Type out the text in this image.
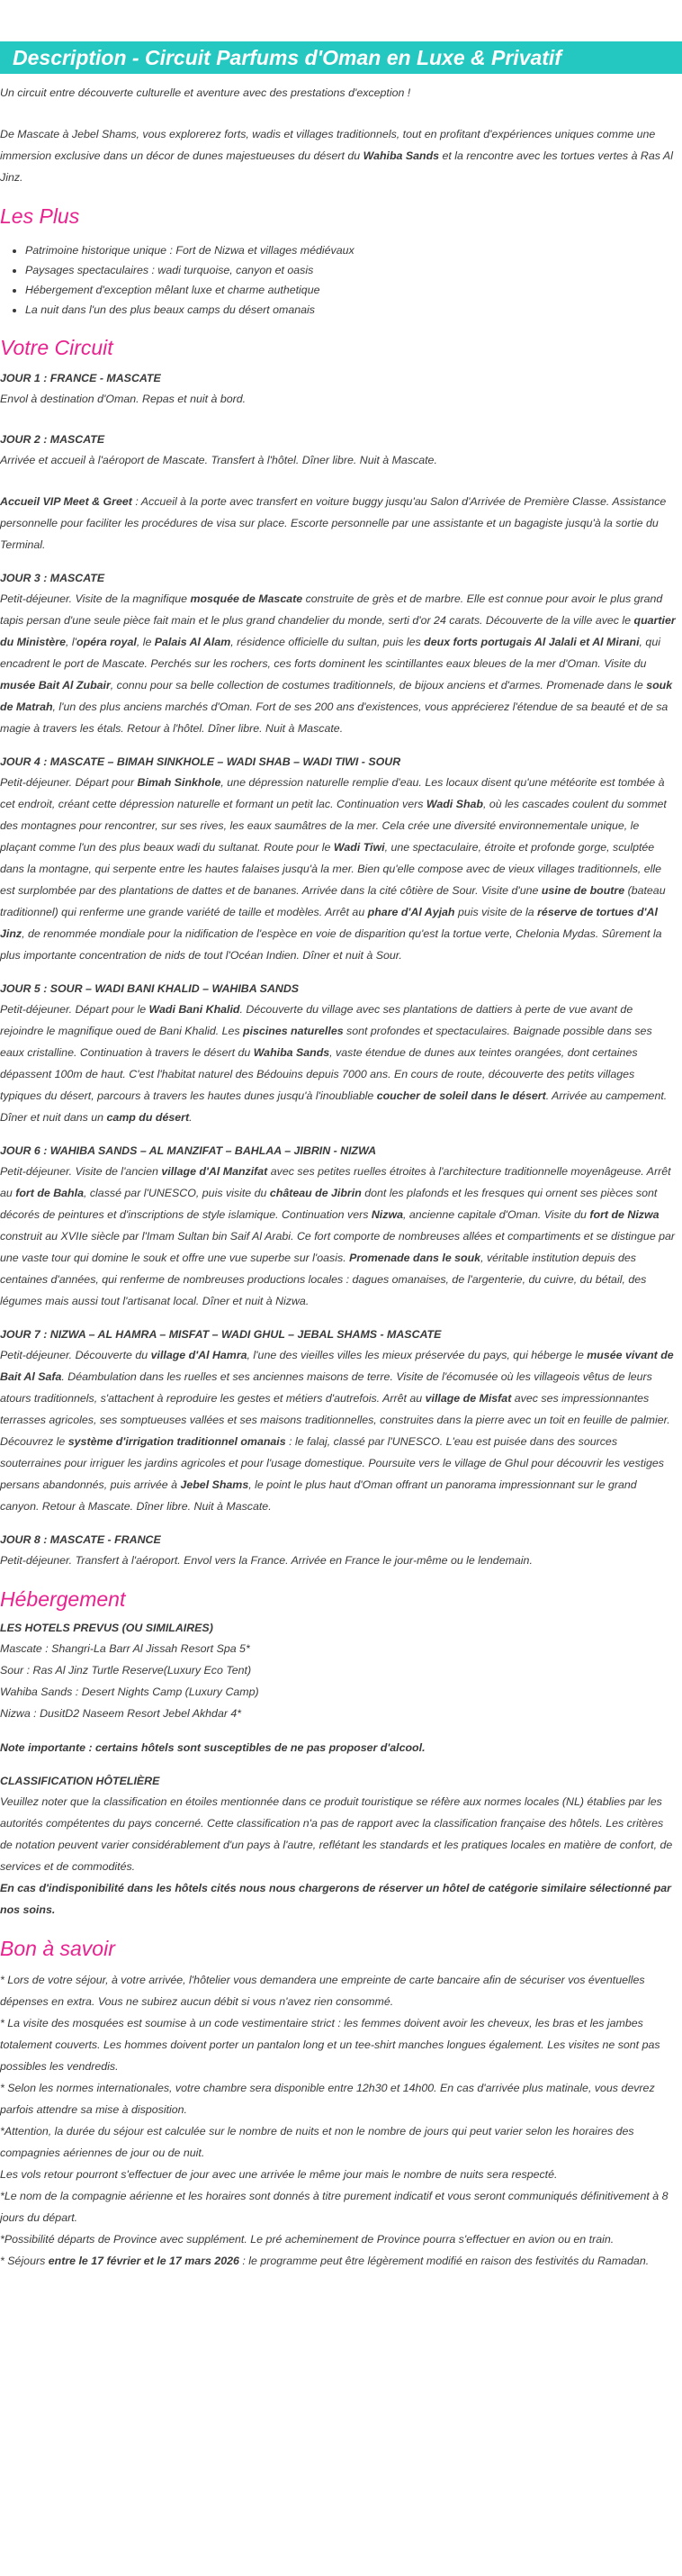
Description - Circuit Parfums d'Oman en Luxe & Privatif

Un circuit entre découverte culturelle et aventure avec des prestations d'exception !

De Mascate à Jebel Shams, vous explorerez forts, wadis et villages traditionnels, tout en profitant d'expériences uniques comme une immersion exclusive dans un décor de dunes majestueuses du désert du Wahiba Sands et la rencontre avec les tortues vertes à Ras Al Jinz.

Les Plus
• Patrimoine historique unique : Fort de Nizwa et villages médiévaux
• Paysages spectaculaires : wadi turquoise, canyon et oasis
• Hébergement d'exception mêlant luxe et charme authetique
• La nuit dans l'un des plus beaux camps du désert omanais
Votre Circuit

JOUR 1 : FRANCE - MASCATE

Envol à destination d'Oman. Repas et nuit à bord.

JOUR 2 : MASCATE

Arrivée et accueil à l'aéroport de Mascate. Transfert à l'hôtel. Dîner libre. Nuit à Mascate.

Accueil VIP Meet & Greet : Accueil à la porte avec transfert en voiture buggy jusqu'au Salon d'Arrivée de Première Classe. Assistance personnelle pour faciliter les procédures de visa sur place. Escorte personnelle par une assistante et un bagagiste jusqu'à la sortie du Terminal.

JOUR 3 : MASCATE

Petit-déjeuner. Visite de la magnifique mosquée de Mascate construite de grès et de marbre. Elle est connue pour avoir le plus grand tapis persan d'une seule pièce fait main et le plus grand chandelier du monde, serti d'or 24 carats. Découverte de la ville avec le quartier du Ministère, l'opéra royal, le Palais Al Alam, résidence officielle du sultan, puis les deux forts portugais Al Jalali et Al Mirani, qui encadrent le port de Mascate. Perchés sur les rochers, ces forts dominent les scintillantes eaux bleues de la mer d'Oman. Visite du musée Bait Al Zubair, connu pour sa belle collection de costumes traditionnels, de bijoux anciens et d'armes. Promenade dans le souk de Matrah, l'un des plus anciens marchés d'Oman. Fort de ses 200 ans d'existences, vous apprécierez l'étendue de sa beauté et de sa magie à travers les étals. Retour à l'hôtel. Dîner libre. Nuit à Mascate.

JOUR 4 : MASCATE – BIMAH SINKHOLE – WADI SHAB – WADI TIWI - SOUR

Petit-déjeuner. Départ pour Bimah Sinkhole, une dépression naturelle remplie d'eau. Les locaux disent qu'une météorite est tombée à cet endroit, créant cette dépression naturelle et formant un petit lac. Continuation vers Wadi Shab, où les cascades coulent du sommet des montagnes pour rencontrer, sur ses rives, les eaux saumâtres de la mer. Cela crée une diversité environnementale unique, le plaçant comme l'un des plus beaux wadi du sultanat. Route pour le Wadi Tiwi, une spectaculaire, étroite et profonde gorge, sculptée dans la montagne, qui serpente entre les hautes falaises jusqu'à la mer. Bien qu'elle compose avec de vieux villages traditionnels, elle est surplombée par des plantations de dattes et de bananes. Arrivée dans la cité côtière de Sour. Visite d'une usine de boutre (bateau traditionnel) qui renferme une grande variété de taille et modèles. Arrêt au phare d'Al Ayjah puis visite de la réserve de tortues d'Al Jinz, de renommée mondiale pour la nidification de l'espèce en voie de disparition qu'est la tortue verte, Chelonia Mydas. Sûrement la plus importante concentration de nids de tout l'Océan Indien. Dîner et nuit à Sour.

JOUR 5 : SOUR – WADI BANI KHALID – WAHIBA SANDS

Petit-déjeuner. Départ pour le Wadi Bani Khalid. Découverte du village avec ses plantations de dattiers à perte de vue avant de rejoindre le magnifique oued de Bani Khalid. Les piscines naturelles sont profondes et spectaculaires. Baignade possible dans ses eaux cristalline. Continuation à travers le désert du Wahiba Sands, vaste étendue de dunes aux teintes orangées, dont certaines dépassent 100m de haut. C'est l'habitat naturel des Bédouins depuis 7000 ans. En cours de route, découverte des petits villages typiques du désert, parcours à travers les hautes dunes jusqu'à l'inoubliable coucher de soleil dans le désert. Arrivée au campement. Dîner et nuit dans un camp du désert.

JOUR 6 : WAHIBA SANDS – AL MANZIFAT – BAHLAA – JIBRIN - NIZWA

Petit-déjeuner. Visite de l'ancien village d'Al Manzifat avec ses petites ruelles étroites à l'architecture traditionnelle moyenâgeuse. Arrêt au fort de Bahla, classé par l'UNESCO, puis visite du château de Jibrin dont les plafonds et les fresques qui ornent ses pièces sont décorés de peintures et d'inscriptions de style islamique. Continuation vers Nizwa, ancienne capitale d'Oman. Visite du fort de Nizwa construit au XVIIe siècle par l'Imam Sultan bin Saif Al Arabi. Ce fort comporte de nombreuses allées et compartiments et se distingue par une vaste tour qui domine le souk et offre une vue superbe sur l'oasis. Promenade dans le souk, véritable institution depuis des centaines d'années, qui renferme de nombreuses productions locales : dagues omanaises, de l'argenterie, du cuivre, du bétail, des légumes mais aussi tout l'artisanat local. Dîner et nuit à Nizwa.

JOUR 7 : NIZWA – AL HAMRA – MISFAT – WADI GHUL – JEBAL SHAMS - MASCATE

Petit-déjeuner. Découverte du village d'Al Hamra, l'une des vieilles villes les mieux préservée du pays, qui héberge le musée vivant de Bait Al Safa. Déambulation dans les ruelles et ses anciennes maisons de terre. Visite de l'écomusée où les villageois vêtus de leurs atours traditionnels, s'attachent à reproduire les gestes et métiers d'autrefois. Arrêt au village de Misfat avec ses impressionnantes terrasses agricoles, ses somptueuses vallées et ses maisons traditionnelles, construites dans la pierre avec un toit en feuille de palmier. Découvrez le système d'irrigation traditionnel omanais : le falaj, classé par l'UNESCO. L'eau est puisée dans des sources souterraines pour irriguer les jardins agricoles et pour l'usage domestique. Poursuite vers le village de Ghul pour découvrir les vestiges persans abandonnés, puis arrivée à Jebel Shams, le point le plus haut d'Oman offrant un panorama impressionnant sur le grand canyon. Retour à Mascate. Dîner libre. Nuit à Mascate.

JOUR 8 : MASCATE - FRANCE

Petit-déjeuner. Transfert à l'aéroport. Envol vers la France. Arrivée en France le jour-même ou le lendemain.

Hébergement

LES HOTELS PREVUS (OU SIMILAIRES)

Mascate : Shangri-La Barr Al Jissah Resort Spa 5*

Sour : Ras Al Jinz Turtle Reserve(Luxury Eco Tent)

Wahiba Sands : Desert Nights Camp (Luxury Camp)

Nizwa : DusitD2 Naseem Resort Jebel Akhdar 4*

Note importante : certains hôtels sont susceptibles de ne pas proposer d'alcool.

CLASSIFICATION HÔTELIÈRE

Veuillez noter que la classification en étoiles mentionnée dans ce produit touristique se réfère aux normes locales (NL) établies par les autorités compétentes du pays concerné. Cette classification n'a pas de rapport avec la classification française des hôtels. Les critères de notation peuvent varier considérablement d'un pays à l'autre, reflétant les standards et les pratiques locales en matière de confort, de services et de commodités.

En cas d'indisponibilité dans les hôtels cités nous nous chargerons de réserver un hôtel de catégorie similaire sélectionné par nos soins.

Bon à savoir

* Lors de votre séjour, à votre arrivée, l'hôtelier vous demandera une empreinte de carte bancaire afin de sécuriser vos éventuelles dépenses en extra. Vous ne subirez aucun débit si vous n'avez rien consommé.

* La visite des mosquées est soumise à un code vestimentaire strict : les femmes doivent avoir les cheveux, les bras et les jambes totalement couverts. Les hommes doivent porter un pantalon long et un tee-shirt manches longues également. Les visites ne sont pas possibles les vendredis.

* Selon les normes internationales, votre chambre sera disponible entre 12h30 et 14h00. En cas d'arrivée plus matinale, vous devrez parfois attendre sa mise à disposition.

*Attention, la durée du séjour est calculée sur le nombre de nuits et non le nombre de jours qui peut varier selon les horaires des compagnies aériennes de jour ou de nuit.

Les vols retour pourront s'effectuer de jour avec une arrivée le même jour mais le nombre de nuits sera respecté.

*Le nom de la compagnie aérienne et les horaires sont donnés à titre purement indicatif et vous seront communiqués définitivement à 8 jours du départ.

*Possibilité départs de Province avec supplément. Le pré acheminement de Province pourra s'effectuer en avion ou en train.

* Séjours entre le 17 février et le 17 mars 2026 : le programme peut être légèrement modifié en raison des festivités du Ramadan.
